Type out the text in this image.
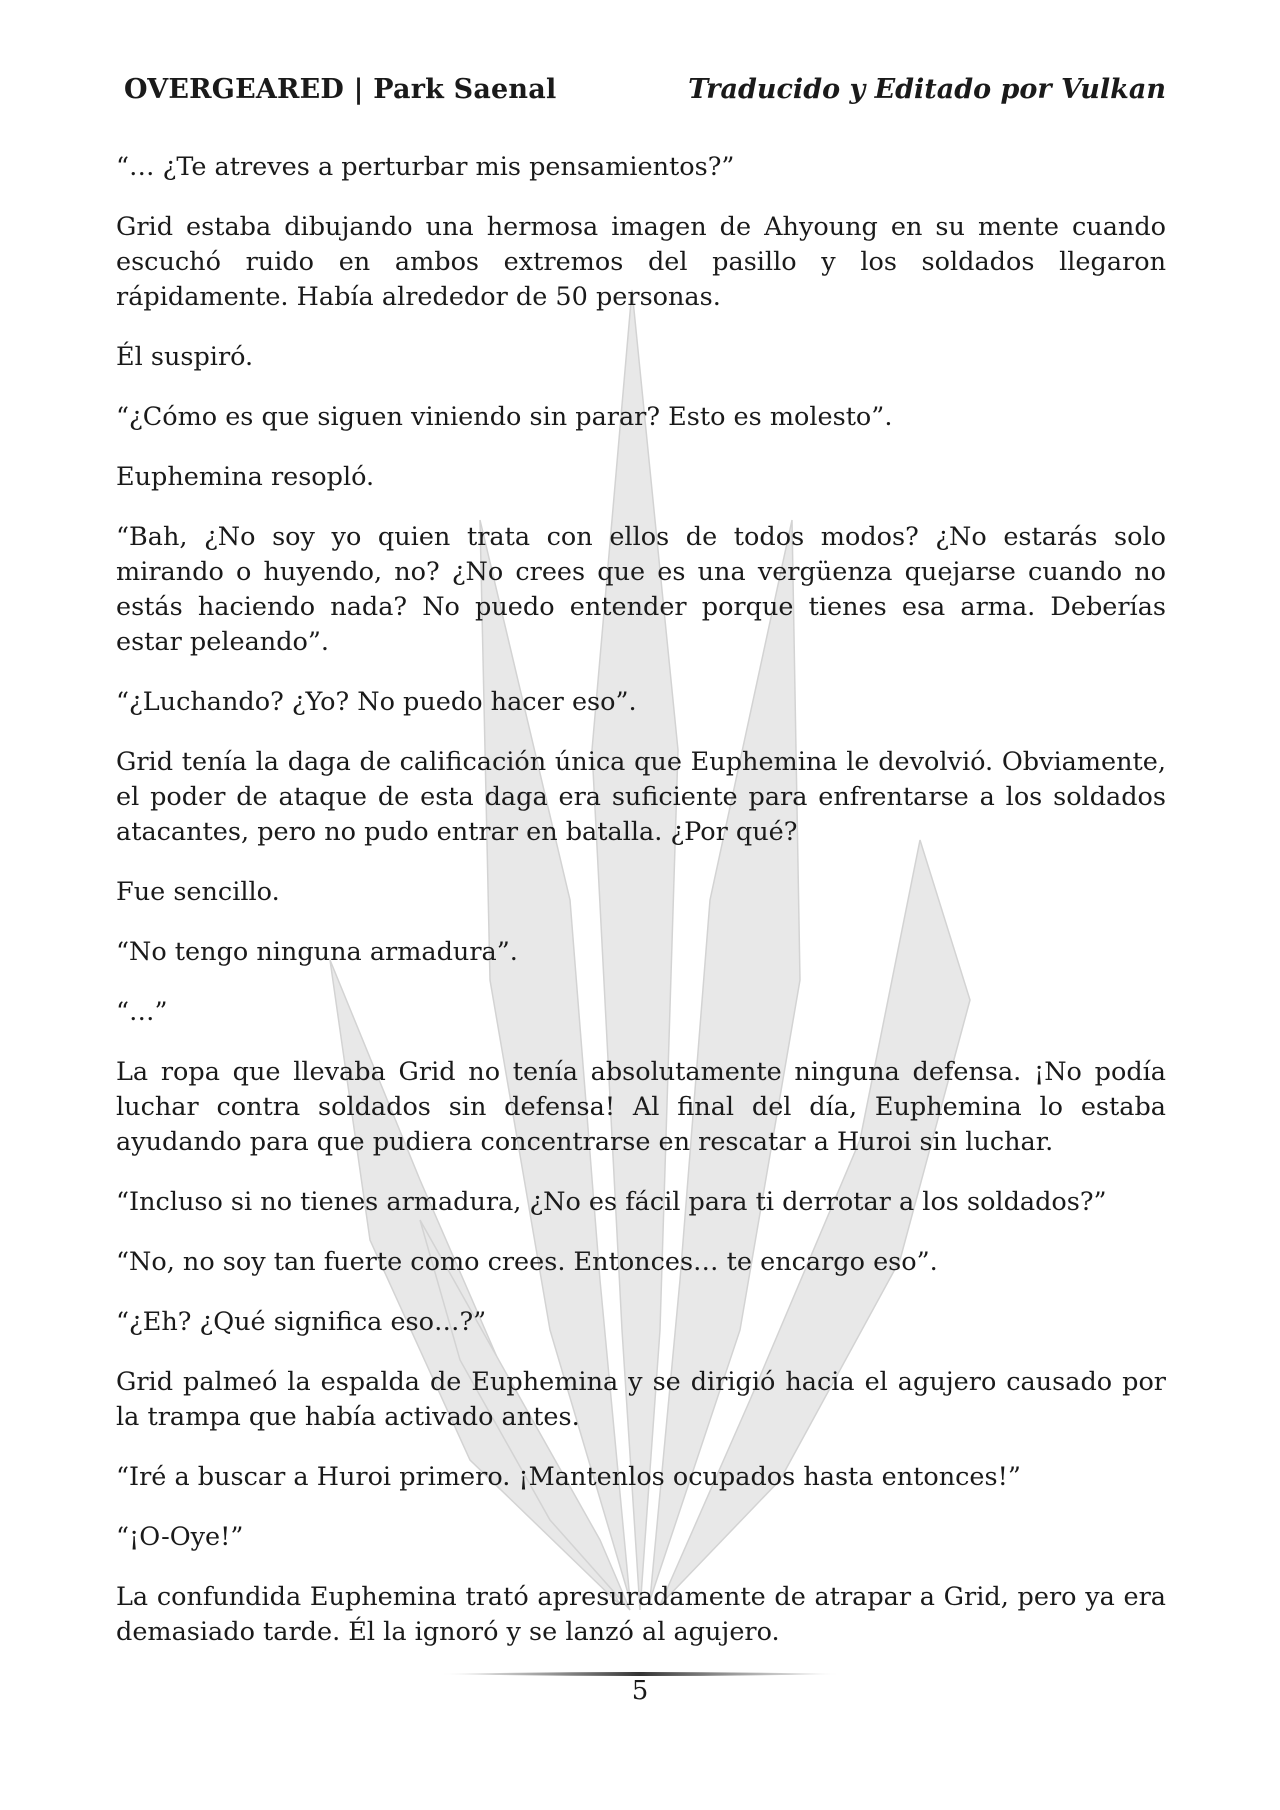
OVERGEARED | Park Saenal	Traducido y Editado por Vulkan

“… ¿Te atreves a perturbar mis pensamientos?”

Grid estaba dibujando una hermosa imagen de Ahyoung en su mente cuando escuchó ruido en ambos extremos del pasillo y los soldados llegaron rápidamente. Había alrededor de 50 personas.

Él suspiró.

“¿Cómo es que siguen viniendo sin parar? Esto es molesto”.

Euphemina resopló.

“Bah, ¿No soy yo quien trata con ellos de todos modos? ¿No estarás solo mirando o huyendo, no? ¿No crees que es una vergüenza quejarse cuando no estás haciendo nada? No puedo entender porque tienes esa arma. Deberías estar peleando”.

“¿Luchando? ¿Yo? No puedo hacer eso”.

Grid tenía la daga de calificación única que Euphemina le devolvió. Obviamente, el poder de ataque de esta daga era suficiente para enfrentarse a los soldados atacantes, pero no pudo entrar en batalla. ¿Por qué?

Fue sencillo.

“No tengo ninguna armadura”.

“…”

La ropa que llevaba Grid no tenía absolutamente ninguna defensa. ¡No podía luchar contra soldados sin defensa! Al final del día, Euphemina lo estaba ayudando para que pudiera concentrarse en rescatar a Huroi sin luchar.

“Incluso si no tienes armadura, ¿No es fácil para ti derrotar a los soldados?”

“No, no soy tan fuerte como crees. Entonces… te encargo eso”.

“¿Eh? ¿Qué significa eso…?”

Grid palmeó la espalda de Euphemina y se dirigió hacia el agujero causado por la trampa que había activado antes.

“Iré a buscar a Huroi primero. ¡Mantenlos ocupados hasta entonces!”

“¡O-Oye!”

La confundida Euphemina trató apresuradamente de atrapar a Grid, pero ya era demasiado tarde. Él la ignoró y se lanzó al agujero.

5
